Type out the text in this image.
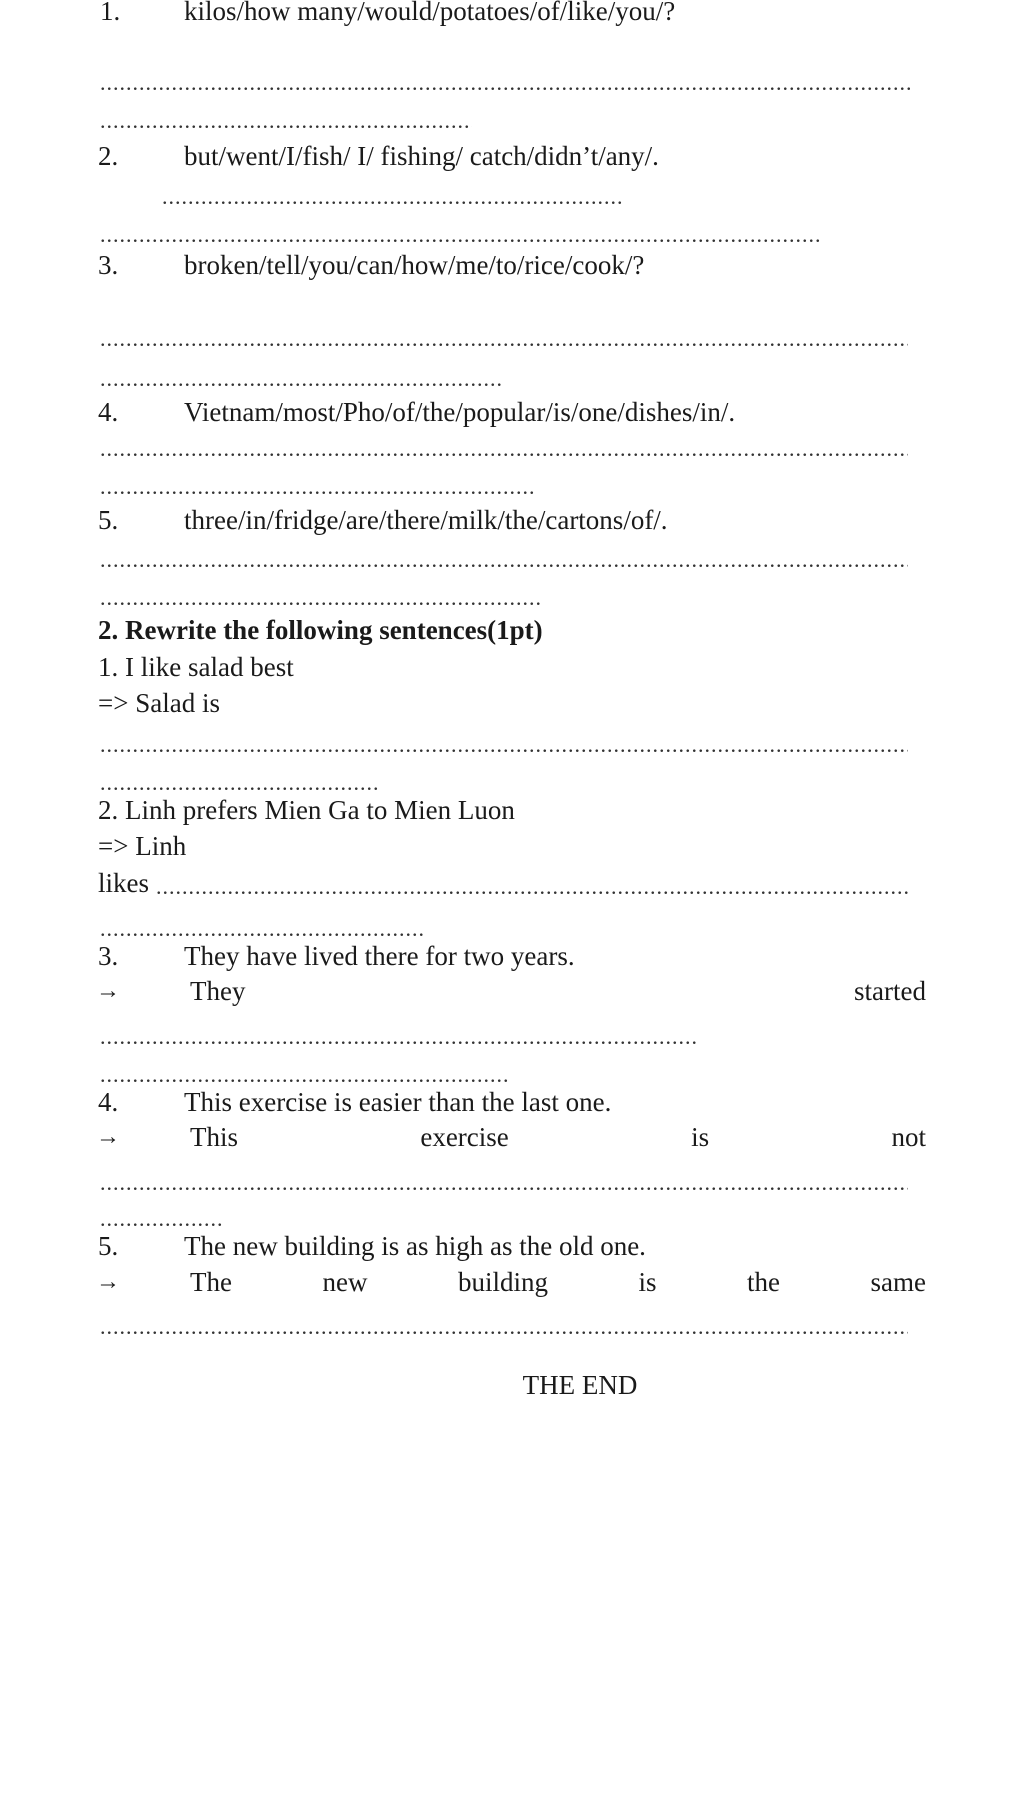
1. kilos/how many/would/potatoes/of/like/you/?
.....
.....
2. but/went/I/fish/ I/ fishing/ catch/didn’t/any/.
.....
.....
3. broken/tell/you/can/how/me/to/rice/cook/?
.....
.....
4. Vietnam/most/Pho/of/the/popular/is/one/dishes/in/.
.....
.....
5. three/in/fridge/are/there/milk/the/cartons/of/.
.....
.....
2. Rewrite the following sentences(1pt)
1. I like salad best
=> Salad is
.....
.....
2. Linh prefers Mien Ga to Mien Luon
=> Linh
likes
.....
.....
3. They have lived there for two years.
→	They	started
.....
.....
4. This exercise is easier than the last one.
→	This	exercise	is	not
.....
.....
5. The new building is as high as the old one.
→	The	new	building	is	the	same
.....
THE END
